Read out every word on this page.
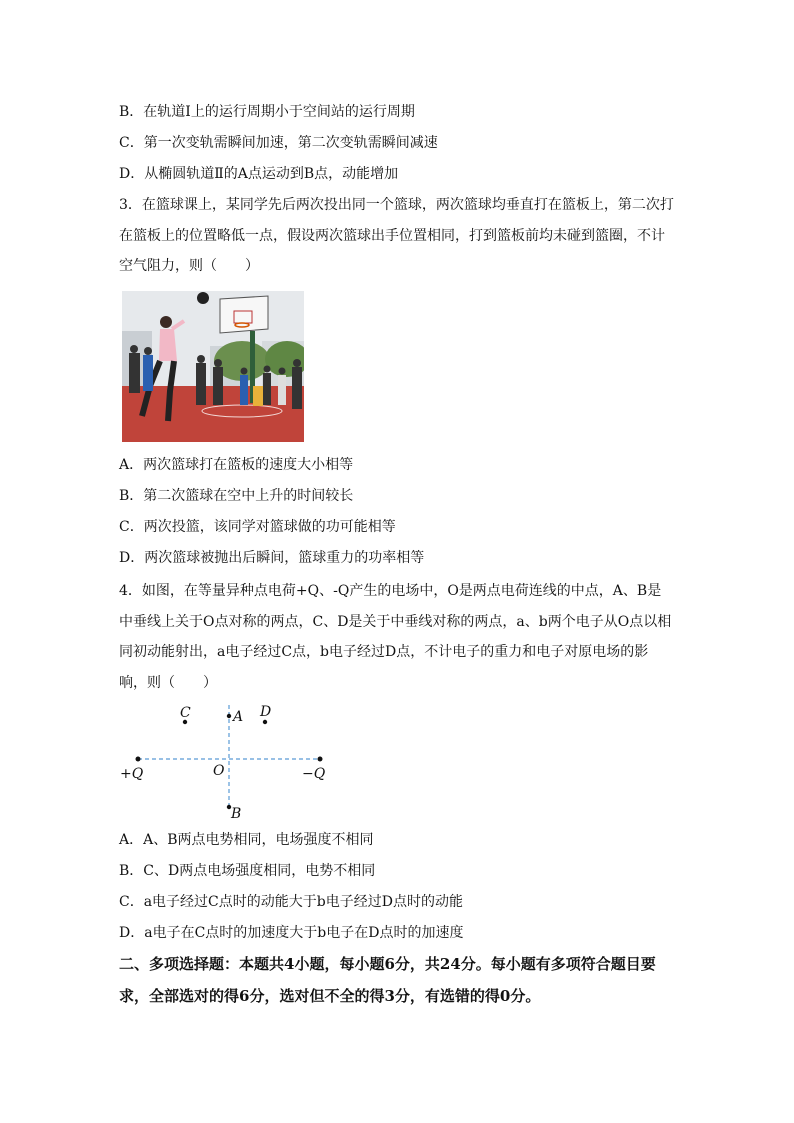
B．在轨道Ⅰ上的运行周期小于空间站的运行周期
C．第一次变轨需瞬间加速，第二次变轨需瞬间减速
D．从椭圆轨道Ⅱ的A点运动到B点，动能增加
3．在篮球课上，某同学先后两次投出同一个篮球，两次篮球均垂直打在篮板上，第二次打在篮板上的位置略低一点，假设两次篮球出手位置相同，打到篮板前均未碰到篮圈，不计空气阻力，则（　　）
A．两次篮球打在篮板的速度大小相等
B．第二次篮球在空中上升的时间较长
C．两次投篮，该同学对篮球做的功可能相等
D．两次篮球被抛出后瞬间，篮球重力的功率相等
4．如图，在等量异种点电荷+Q、-Q产生的电场中，O是两点电荷连线的中点，A、B是中垂线上关于O点对称的两点，C、D是关于中垂线对称的两点，a、b两个电子从O点以相同初动能射出，a电子经过C点，b电子经过D点，不计电子的重力和电子对原电场的影响，则（　　）
C	A D
+Q	O	−Q
B
A．A、B两点电势相同，电场强度不相同
B．C、D两点电场强度相同，电势不相同
C．a电子经过C点时的动能大于b电子经过D点时的动能
D．a电子在C点时的加速度大于b电子在D点时的加速度
二、多项选择题：本题共4小题，每小题6分，共24分。每小题有多项符合题目要求，全部选对的得6分，选对但不全的得3分，有选错的得0分。
